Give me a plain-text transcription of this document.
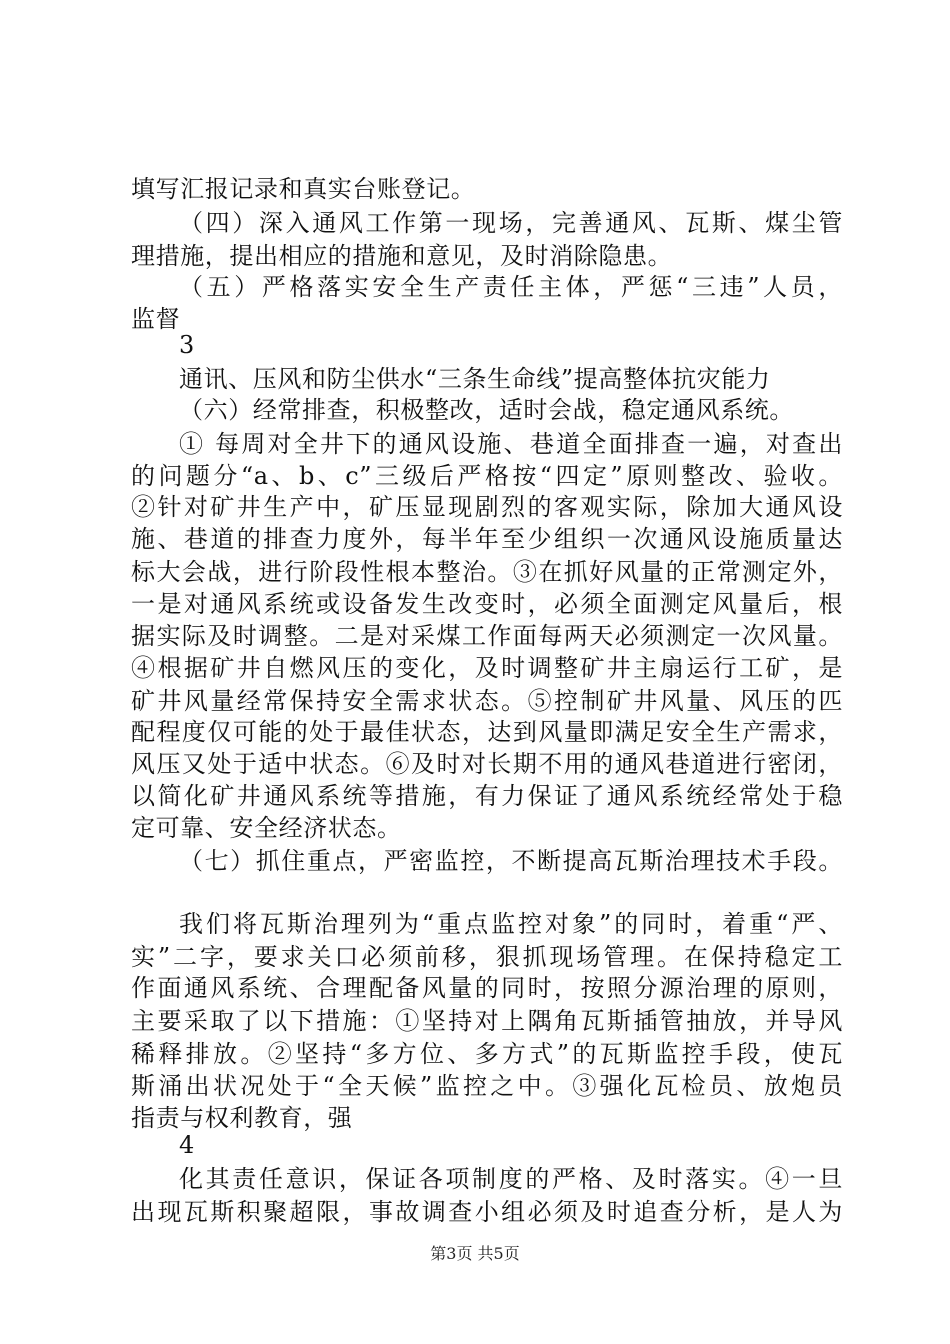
填写汇报记录和真实台账登记。
（四）深入通风工作第一现场，完善通风、瓦斯、煤尘管
理措施，提出相应的措施和意见，及时消除隐患。
（五）严格落实安全生产责任主体，严惩“三违”人员，
监督
3
通讯、压风和防尘供水“三条生命线”提高整体抗灾能力
（六）经常排查，积极整改，适时会战，稳定通风系统。
① 每周对全井下的通风设施、巷道全面排查一遍，对查出
的问题分“a、b、c”三级后严格按“四定”原则整改、验收。
②针对矿井生产中，矿压显现剧烈的客观实际，除加大通风设
施、巷道的排查力度外，每半年至少组织一次通风设施质量达
标大会战，进行阶段性根本整治。③在抓好风量的正常测定外，
一是对通风系统或设备发生改变时，必须全面测定风量后，根
据实际及时调整。二是对采煤工作面每两天必须测定一次风量。
④根据矿井自燃风压的变化，及时调整矿井主扇运行工矿，是
矿井风量经常保持安全需求状态。⑤控制矿井风量、风压的匹
配程度仅可能的处于最佳状态，达到风量即满足安全生产需求，
风压又处于适中状态。⑥及时对长期不用的通风巷道进行密闭，
以简化矿井通风系统等措施，有力保证了通风系统经常处于稳
定可靠、安全经济状态。
（七）抓住重点，严密监控，不断提高瓦斯治理技术手段。
我们将瓦斯治理列为“重点监控对象”的同时，着重“严、
实”二字，要求关口必须前移，狠抓现场管理。在保持稳定工
作面通风系统、合理配备风量的同时，按照分源治理的原则，
主要采取了以下措施：①坚持对上隅角瓦斯插管抽放，并导风
稀释排放。②坚持“多方位、多方式”的瓦斯监控手段，使瓦
斯涌出状况处于“全天候”监控之中。③强化瓦检员、放炮员
指责与权利教育，强
4
化其责任意识，保证各项制度的严格、及时落实。④一旦
出现瓦斯积聚超限，事故调查小组必须及时追查分析，是人为
第3页 共5页
